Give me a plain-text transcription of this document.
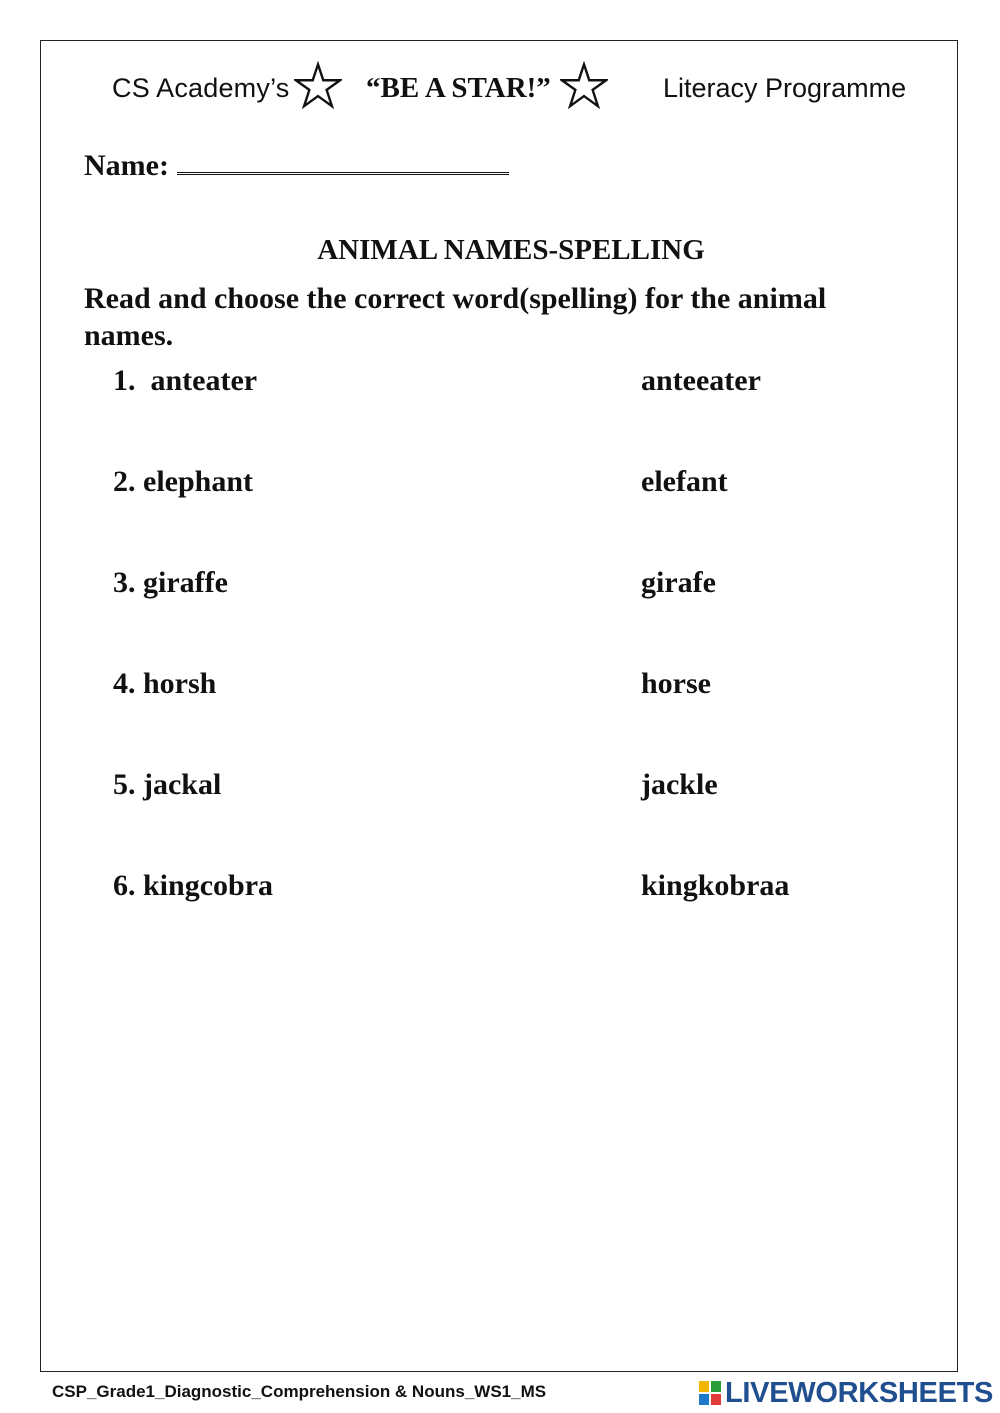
CS Academy’s	“BE A STAR!”	Literacy Programme
Name:
ANIMAL NAMES-SPELLING
Read and choose the correct word(spelling) for the animal names.
1.  anteater	anteeater
2. elephant	elefant
3. giraffe	girafe
4. horsh	horse
5. jackal	jackle
6. kingcobra	kingkobraa
CSP_Grade1_Diagnostic_Comprehension & Nouns_WS1_MS	LIVEWORKSHEETS
